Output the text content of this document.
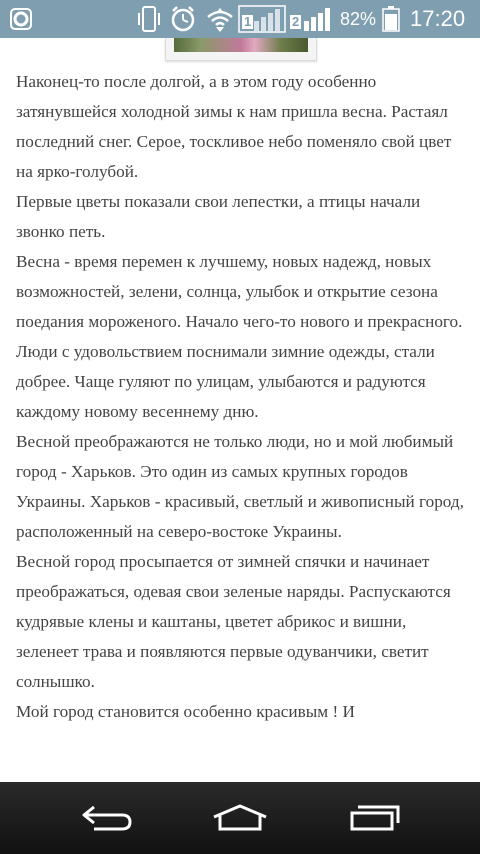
1	2 82% 17:20

Наконец-то после долгой, а в этом году особенно затянувшейся холодной зимы к нам пришла весна. Растаял последний снег. Серое, тоскливое небо поменяло свой цвет на ярко-голубой.

Первые цветы показали свои лепестки, а птицы начали звонко петь.

Весна - время перемен к лучшему, новых надежд, новых возможностей, зелени, солнца, улыбок и открытие сезона поедания мороженого. Начало чего-то нового и прекрасного.

Люди с удовольствием поснимали зимние одежды, стали добрее. Чаще гуляют по улицам, улыбаются и радуются каждому новому весеннему дню.

Весной преображаются не только люди, но и мой любимый город - Харьков. Это один из самых крупных городов Украины. Харьков - красивый, светлый и живописный город, расположенный на северо-востоке Украины.

Весной город просыпается от зимней спячки и начинает преображаться, одевая свои зеленые наряды. Распускаются кудрявые клены и каштаны, цветет абрикос и вишни, зеленеет трава и появляются первые одуванчики, светит солнышко.

Мой город становится особенно красивым ! И
